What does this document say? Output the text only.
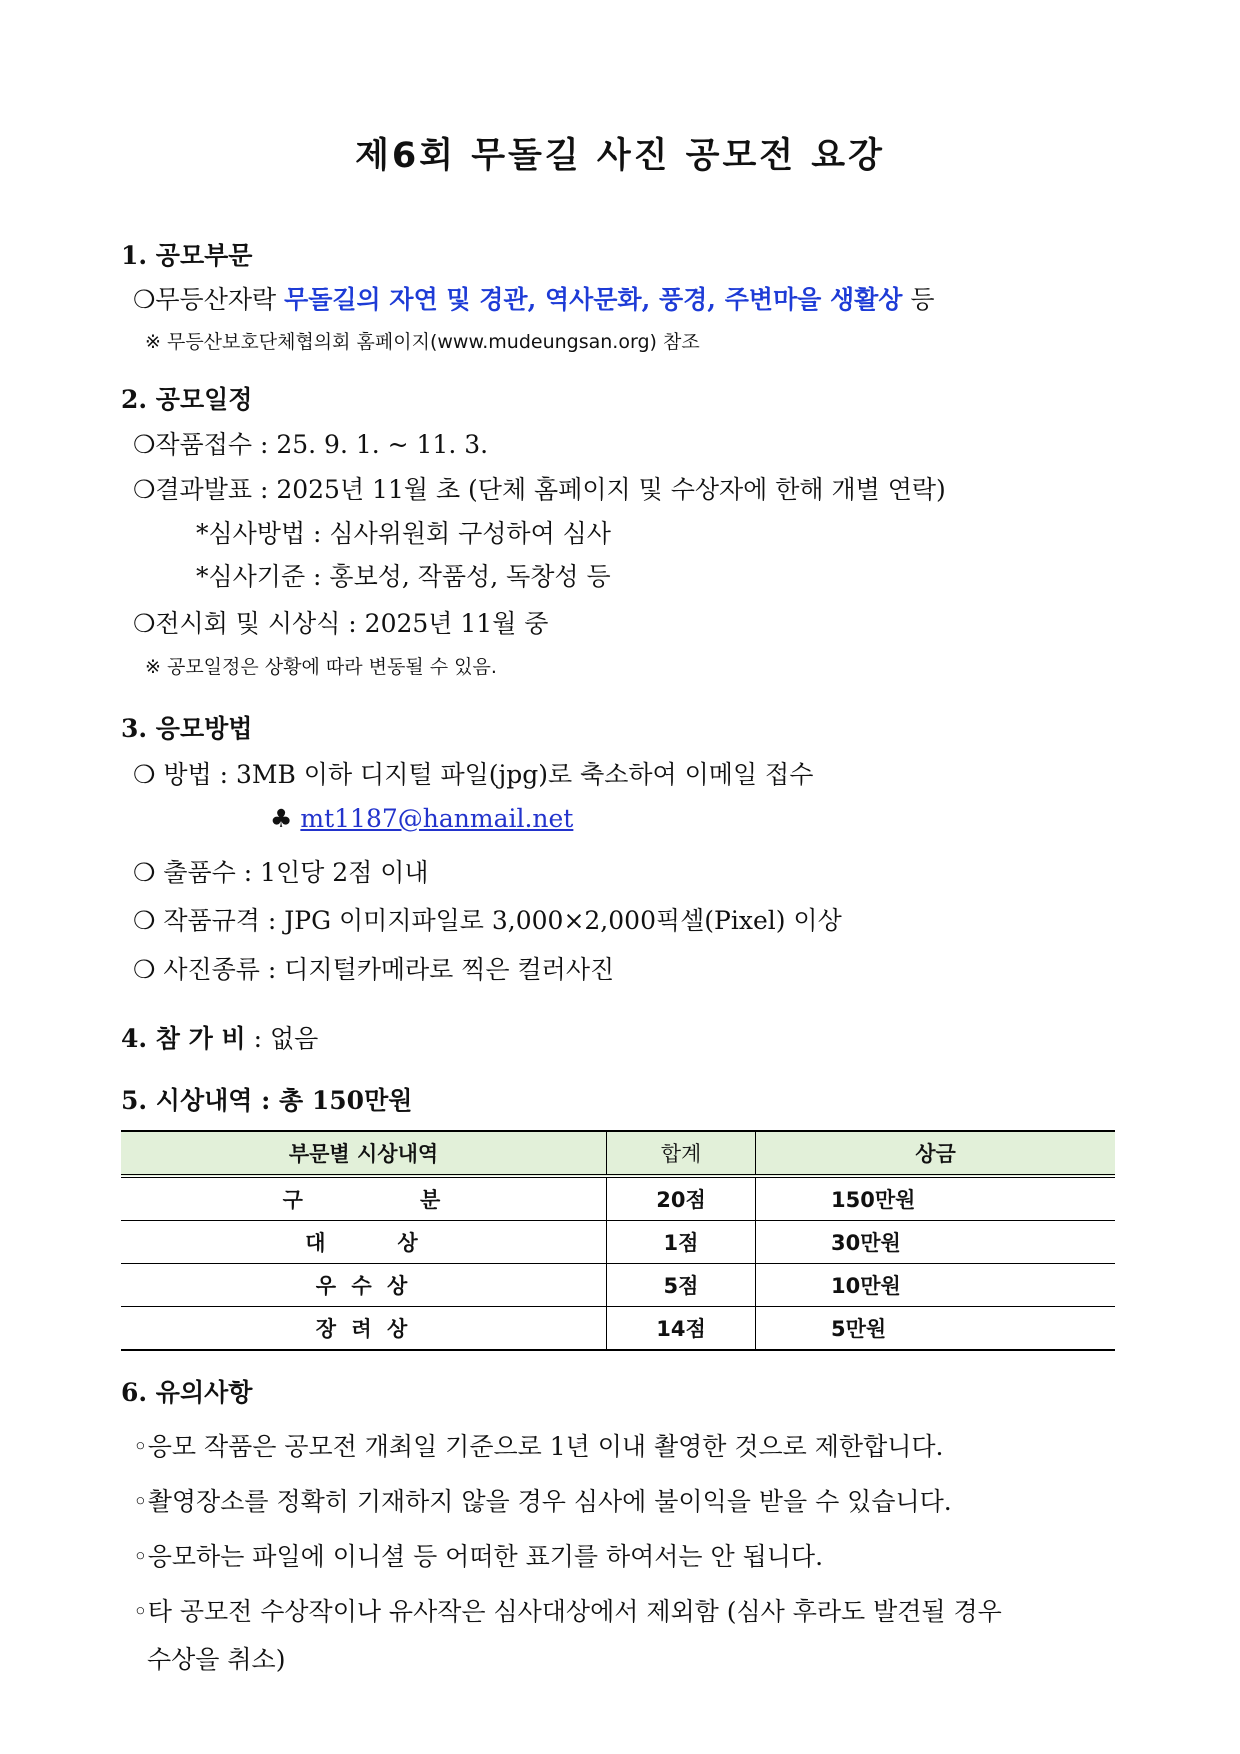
제6회 무돌길 사진 공모전 요강
1. 공모부문
❍무등산자락 무돌길의 자연 및 경관, 역사문화, 풍경, 주변마을 생활상 등
※ 무등산보호단체협의회 홈페이지(www.mudeungsan.org) 참조
2. 공모일정
❍작품접수 : 25. 9. 1. ~ 11. 3.
❍결과발표 : 2025년 11월 초 (단체 홈페이지 및 수상자에 한해 개별 연락)
*심사방법 : 심사위원회 구성하여 심사
*심사기준 : 홍보성, 작품성, 독창성 등
❍전시회 및 시상식 : 2025년 11월 중
※ 공모일정은 상황에 따라 변동될 수 있음.
3. 응모방법
❍ 방법 : 3MB 이하 디지털 파일(jpg)로 축소하여 이메일 접수
♣ mt1187@hanmail.net
❍ 출품수 : 1인당 2점 이내
❍ 작품규격 : JPG 이미지파일로 3,000×2,000픽셀(Pixel) 이상
❍ 사진종류 : 디지털카메라로 찍은 컬러사진
4. 참 가 비 : 없음
5. 시상내역 : 총 150만원
부문별 시상내역	합계	상금
구          분	20점	150만원
대      상	1점	30만원
우 수 상	5점	10만원
장 려 상	14점	5만원
6. 유의사항
◦응모 작품은 공모전 개최일 기준으로 1년 이내 촬영한 것으로 제한합니다.
◦촬영장소를 정확히 기재하지 않을 경우 심사에 불이익을 받을 수 있습니다.
◦응모하는 파일에 이니셜 등 어떠한 표기를 하여서는 안 됩니다.
◦타 공모전 수상작이나 유사작은 심사대상에서 제외함 (심사 후라도 발견될 경우
수상을 취소)
